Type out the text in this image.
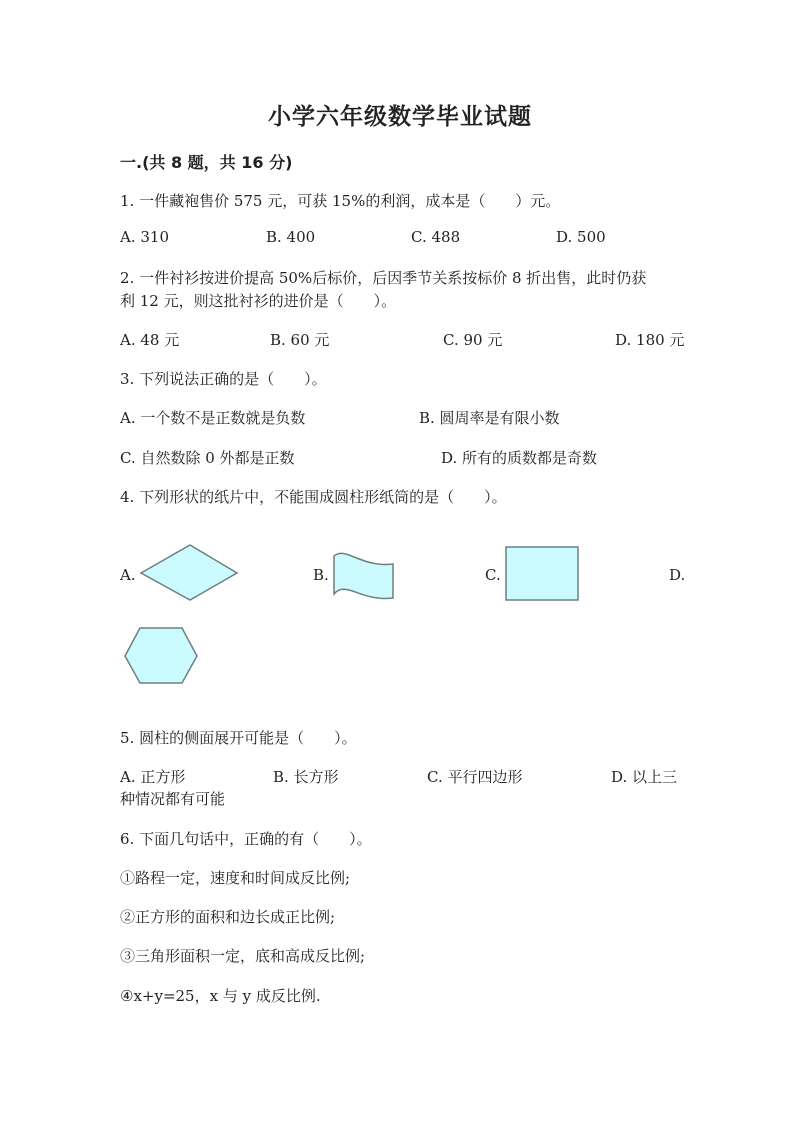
小学六年级数学毕业试题
一.(共 8 题，共 16 分)
1. 一件藏袍售价 575 元，可获 15%的利润，成本是（　　）元。
A. 310	B. 400	C. 488	D. 500
2. 一件衬衫按进价提高 50%后标价，后因季节关系按标价 8 折出售，此时仍获
利 12 元，则这批衬衫的进价是（　　）。
A. 48 元	B. 60 元	C. 90 元	D. 180 元
3. 下列说法正确的是（　　）。
A. 一个数不是正数就是负数	B. 圆周率是有限小数
C. 自然数除 0 外都是正数	D. 所有的质数都是奇数
4. 下列形状的纸片中，不能围成圆柱形纸筒的是（　　）。
A.	B.	C.	D.
5. 圆柱的侧面展开可能是（　　）。
A. 正方形	B. 长方形	C. 平行四边形	D. 以上三
种情况都有可能
6. 下面几句话中，正确的有（　　）。
①路程一定，速度和时间成反比例;
②正方形的面积和边长成正比例;
③三角形面积一定，底和高成反比例;
④x+y=25，x 与 y 成反比例.
